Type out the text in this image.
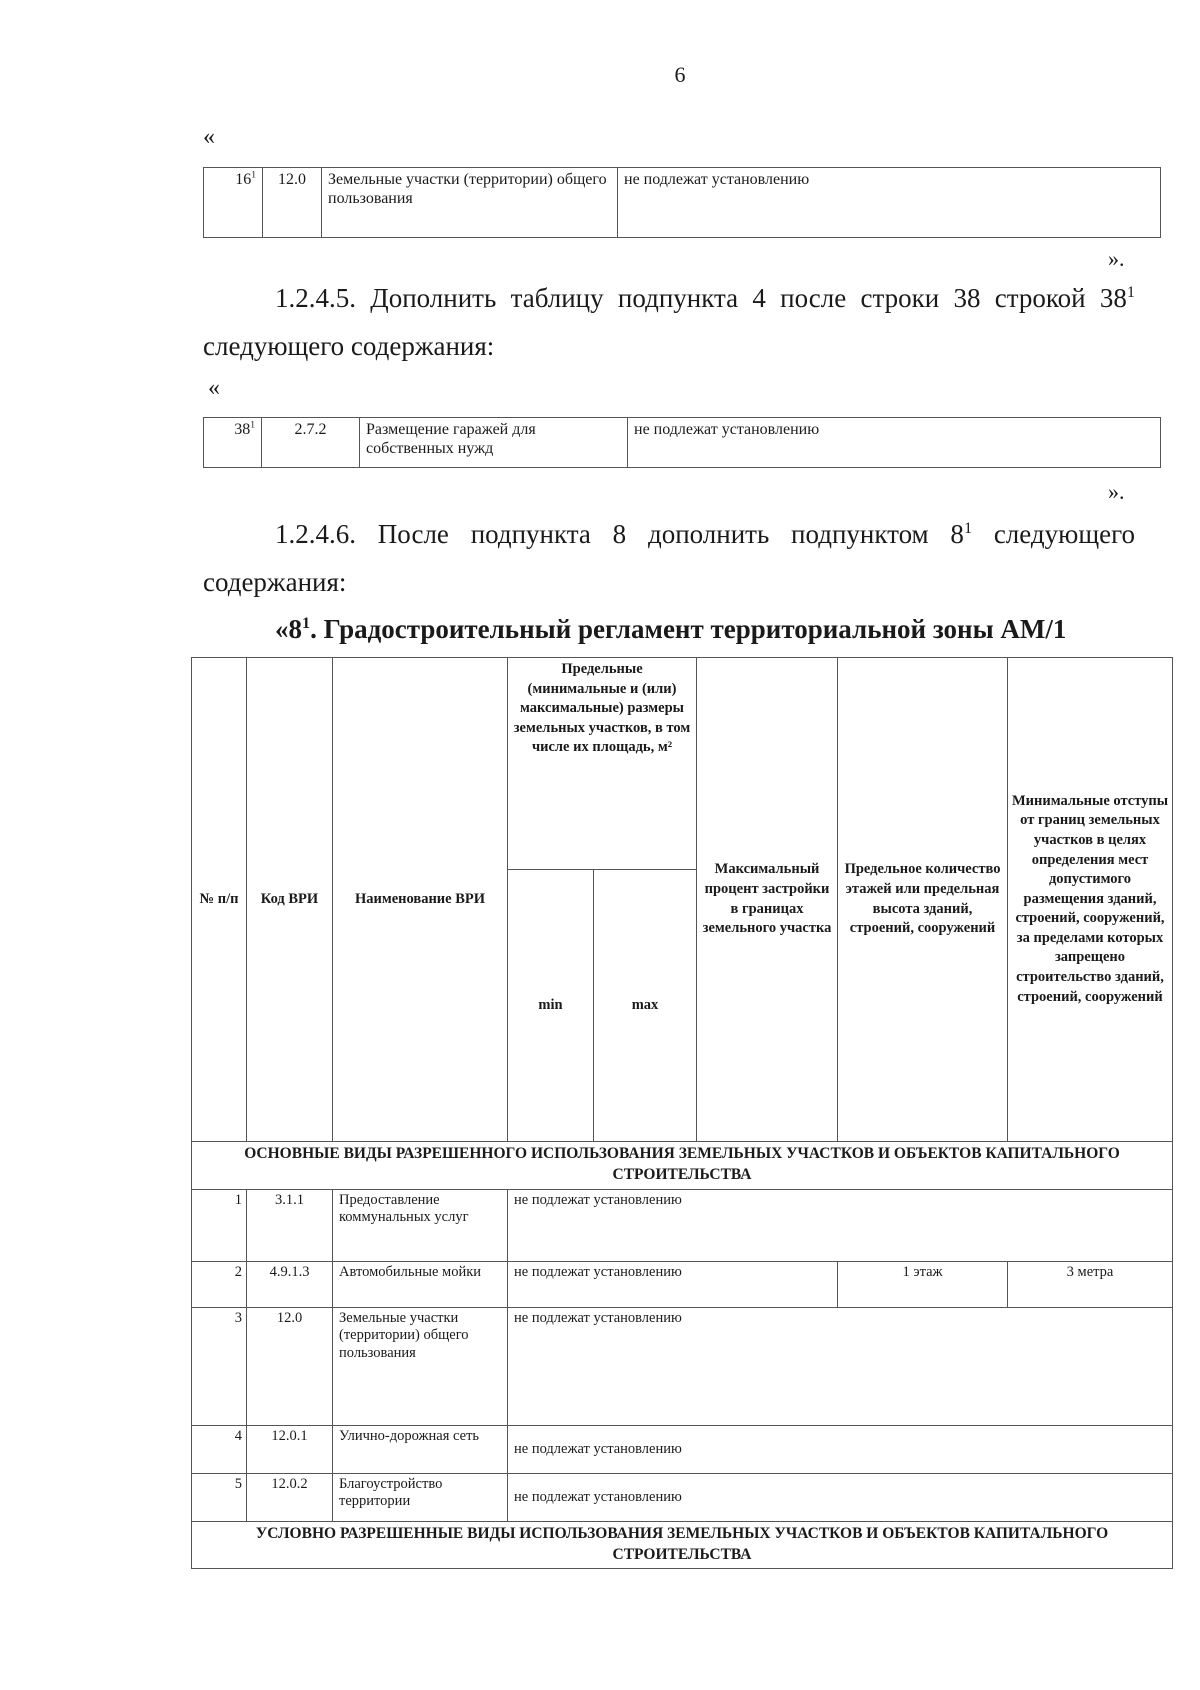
6
«
$16^1$	12.0	Земельные участки (территории) общего пользования	не подлежат установлению
».
1.2.4.5. Дополнить таблицу подпункта 4 после строки 38 строкой $38^1$
следующего содержания:
«
$38^1$	2.7.2	Размещение гаражей для собственных нужд	не подлежат установлению
».
1.2.4.6. После подпункта 8 дополнить подпунктом $8^1$ следующего
содержания:
«$8^1$. Градостроительный регламент территориальной зоны АМ/1
№ п/п	Код ВРИ	Наименование ВРИ	Предельные (минимальные и (или) максимальные) размеры земельных участков, в том числе их площадь, м²		Максимальный процент застройки в границах земельного участка	Предельное количество этажей или предельная высота зданий, строений, сооружений	Минимальные отступы от границ земельных участков в целях определения мест допустимого размещения зданий, строений, сооружений, за пределами которых запрещено строительство зданий, строений, сооружений
			min	max			
ОСНОВНЫЕ ВИДЫ РАЗРЕШЕННОГО ИСПОЛЬЗОВАНИЯ ЗЕМЕЛЬНЫХ УЧАСТКОВ И ОБЪЕКТОВ КАПИТАЛЬНОГО СТРОИТЕЛЬСТВА							
1	3.1.1	Предоставление коммунальных услуг	не подлежат установлению				
2	4.9.1.3	Автомобильные мойки	не подлежат установлению			1 этаж	3 метра
3	12.0	Земельные участки (территории) общего пользования	не подлежат установлению				
4	12.0.1	Улично-дорожная сеть	не подлежат установлению				
5	12.0.2	Благоустройство территории	не подлежат установлению				
УСЛОВНО РАЗРЕШЕННЫЕ ВИДЫ ИСПОЛЬЗОВАНИЯ ЗЕМЕЛЬНЫХ УЧАСТКОВ И ОБЪЕКТОВ КАПИТАЛЬНОГО СТРОИТЕЛЬСТВА							
